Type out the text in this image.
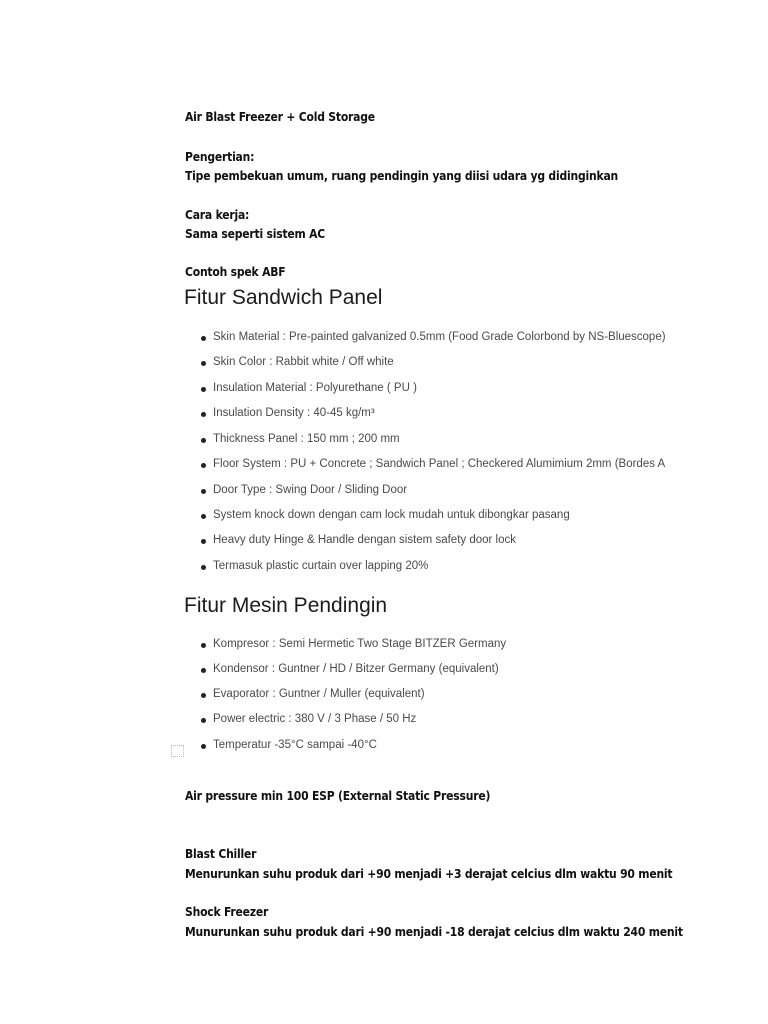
Air Blast Freezer + Cold Storage
Pengertian:
Tipe pembekuan umum, ruang pendingin yang diisi udara yg didinginkan
Cara kerja:
Sama seperti sistem AC
Contoh spek ABF
Fitur Sandwich Panel
Skin Material : Pre-painted galvanized 0.5mm (Food Grade Colorbond by NS-Bluescope)
Skin Color : Rabbit white / Off white
Insulation Material : Polyurethane ( PU )
Insulation Density : 40-45 kg/m³
Thickness Panel : 150 mm ; 200 mm
Floor System : PU + Concrete ; Sandwich Panel ; Checkered Alumimium 2mm (Bordes A
Door Type : Swing Door / Sliding Door
System knock down dengan cam lock mudah untuk dibongkar pasang
Heavy duty Hinge & Handle dengan sistem safety door lock
Termasuk plastic curtain over lapping 20%
Fitur Mesin Pendingin
Kompresor : Semi Hermetic Two Stage BITZER Germany
Kondensor : Guntner / HD / Bitzer Germany (equivalent)
Evaporator : Guntner / Muller (equivalent)
Power electric : 380 V / 3 Phase / 50 Hz
Temperatur -35°C sampai -40°C
Air pressure min 100 ESP (External Static Pressure)
Blast Chiller
Menurunkan suhu produk dari +90 menjadi +3 derajat celcius dlm waktu 90 menit
Shock Freezer
Munurunkan suhu produk dari +90 menjadi -18 derajat celcius dlm waktu 240 menit
